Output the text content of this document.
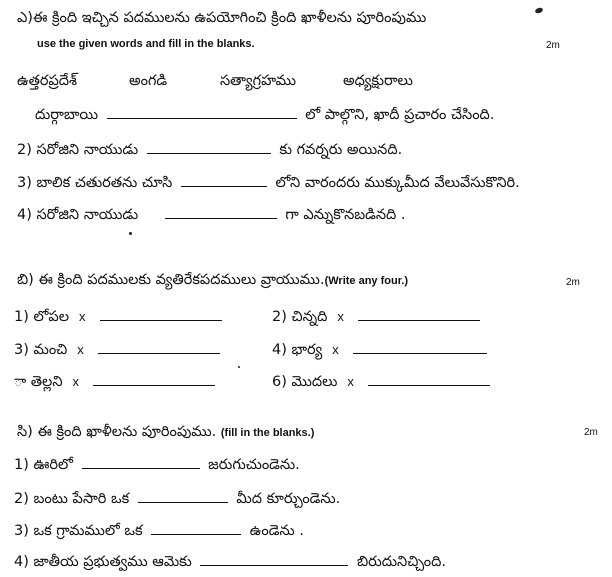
ఎ)ఈ క్రింది ఇచ్చిన పదములను ఉపయోగించి క్రింది ఖాళీలను పూరింపుము
use the given words and fill in the blanks.	2m
ఉత్తరప్రదేశ్	అంగడి	సత్యాగ్రహము	అధ్యక్షురాలు
దుర్గాబాయి	లో పాల్గొని, ఖాదీ ప్రచారం చేసింది.
2) సరోజిని నాయుడు	కు గవర్నరు అయినది.
3) బాలిక చతురతను చూసి	లోని వారందరు ముక్కుమీద వేలువేసుకొనిరి.
4) సరోజిని నాయుడు	గా ఎన్నుకొనబడినది .
బి) ఈ క్రింది పదములకు వ్యతిరేకపదములు వ్రాయుము.(Write any four.)	2m
1) లోపల x	2) చిన్నది x
3) మంచి x	4) భార్య x
ా తెల్లని x	6) మొదలు x
సి) ఈ క్రింది ఖాళీలను పూరింపుము. (fill in the blanks.)	2m
1) ఊరిలో	జరుగుచుండెను.
2) బంటు పేసారి ఒక	మీద కూర్చుండెను.
3) ఒక గ్రామములో ఒక	ఉండెను .
4) జాతీయ ప్రభుత్వము ఆమెకు	బిరుదునిచ్చింది.
